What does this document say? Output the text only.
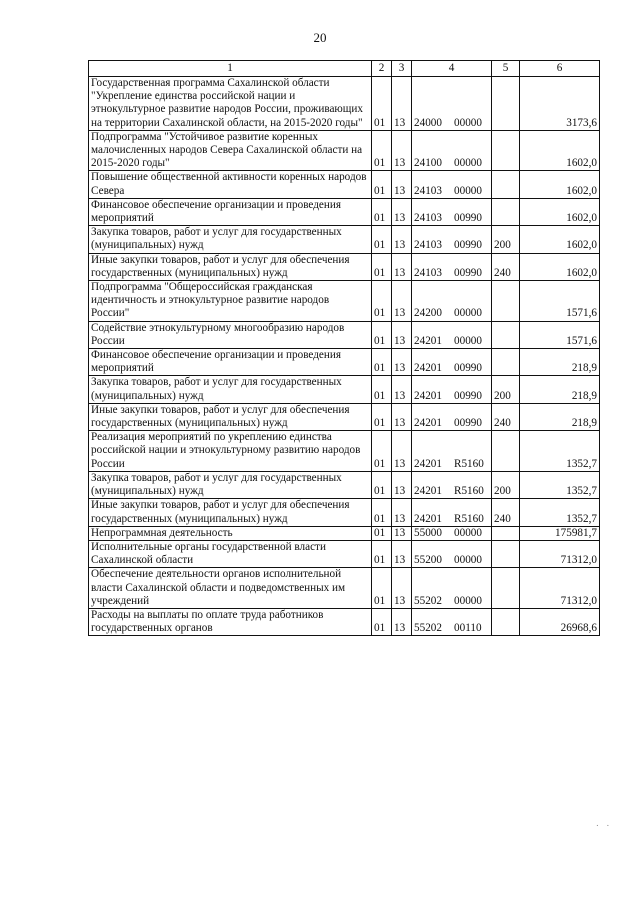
20
1	2	3	4	5	6
Государственная программа Сахалинской области "Укрепление единства российской нации и этнокультурное развитие народов России, проживающих на территории Сахалинской области, на 2015-2020 годы"	01	13	24000 00000		3173,6
Подпрограмма "Устойчивое развитие коренных малочисленных народов Севера Сахалинской области на 2015-2020 годы"	01	13	24100 00000		1602,0
Повышение общественной активности коренных народов Севера	01	13	24103 00000		1602,0
Финансовое обеспечение организации и проведения мероприятий	01	13	24103 00990		1602,0
Закупка товаров, работ и услуг для государственных (муниципальных) нужд	01	13	24103 00990	200	1602,0
Иные закупки товаров, работ и услуг для обеспечения государственных (муниципальных) нужд	01	13	24103 00990	240	1602,0
Подпрограмма "Общероссийская гражданская идентичность и этнокультурное развитие народов России"	01	13	24200 00000		1571,6
Содействие этнокультурному многообразию народов России	01	13	24201 00000		1571,6
Финансовое обеспечение организации и проведения мероприятий	01	13	24201 00990		218,9
Закупка товаров, работ и услуг для государственных (муниципальных) нужд	01	13	24201 00990	200	218,9
Иные закупки товаров, работ и услуг для обеспечения государственных (муниципальных) нужд	01	13	24201 00990	240	218,9
Реализация мероприятий по укреплению единства российской нации и этнокультурному развитию народов России	01	13	24201 R5160		1352,7
Закупка товаров, работ и услуг для государственных (муниципальных) нужд	01	13	24201 R5160	200	1352,7
Иные закупки товаров, работ и услуг для обеспечения государственных (муниципальных) нужд	01	13	24201 R5160	240	1352,7
Непрограммная деятельность	01	13	55000 00000		175981,7
Исполнительные органы государственной власти Сахалинской области	01	13	55200 00000		71312,0
Обеспечение деятельности органов исполнительной власти Сахалинской области и подведомственных им учреждений	01	13	55202 00000		71312,0
Расходы на выплаты по оплате труда работников государственных органов	01	13	55202 00110		26968,6
. .
